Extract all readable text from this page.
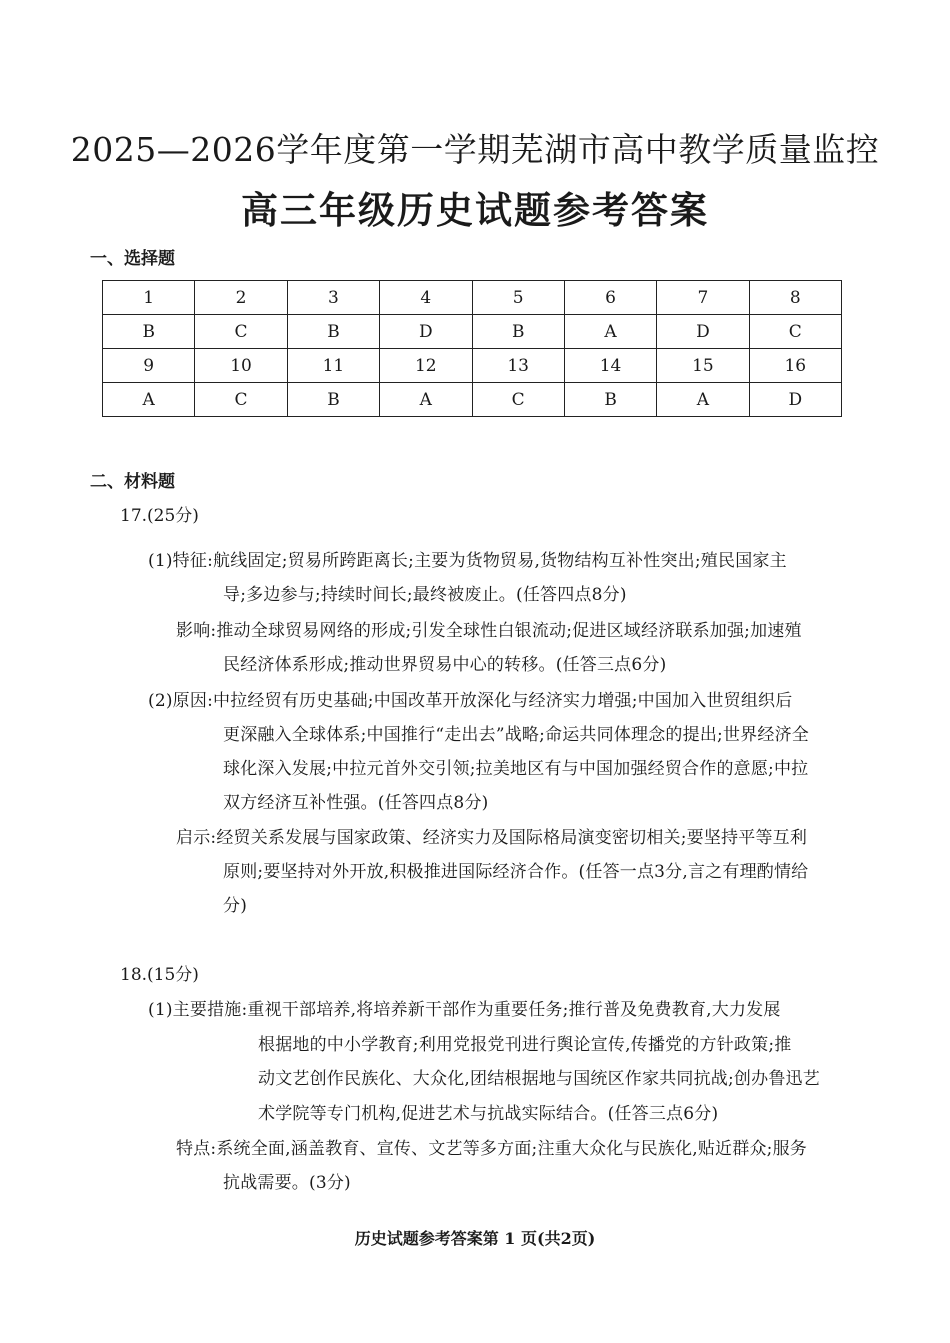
2025—2026学年度第一学期芜湖市高中教学质量监控
高三年级历史试题参考答案
一、选择题
1	2	3	4	5	6	7	8
B	C	B	D	B	A	D	C
9	10	11	12	13	14	15	16
A	C	B	A	C	B	A	D
二、材料题
17.(25分)
(1)特征:航线固定;贸易所跨距离长;主要为货物贸易,货物结构互补性突出;殖民国家主
导;多边参与;持续时间长;最终被废止。(任答四点8分)
影响:推动全球贸易网络的形成;引发全球性白银流动;促进区域经济联系加强;加速殖
民经济体系形成;推动世界贸易中心的转移。(任答三点6分)
(2)原因:中拉经贸有历史基础;中国改革开放深化与经济实力增强;中国加入世贸组织后
更深融入全球体系;中国推行“走出去”战略;命运共同体理念的提出;世界经济全
球化深入发展;中拉元首外交引领;拉美地区有与中国加强经贸合作的意愿;中拉
双方经济互补性强。(任答四点8分)
启示:经贸关系发展与国家政策、经济实力及国际格局演变密切相关;要坚持平等互利
原则;要坚持对外开放,积极推进国际经济合作。(任答一点3分,言之有理酌情给
分)
18.(15分)
(1)主要措施:重视干部培养,将培养新干部作为重要任务;推行普及免费教育,大力发展
根据地的中小学教育;利用党报党刊进行舆论宣传,传播党的方针政策;推
动文艺创作民族化、大众化,团结根据地与国统区作家共同抗战;创办鲁迅艺
术学院等专门机构,促进艺术与抗战实际结合。(任答三点6分)
特点:系统全面,涵盖教育、宣传、文艺等多方面;注重大众化与民族化,贴近群众;服务
抗战需要。(3分)
历史试题参考答案第 1 页(共2页)
